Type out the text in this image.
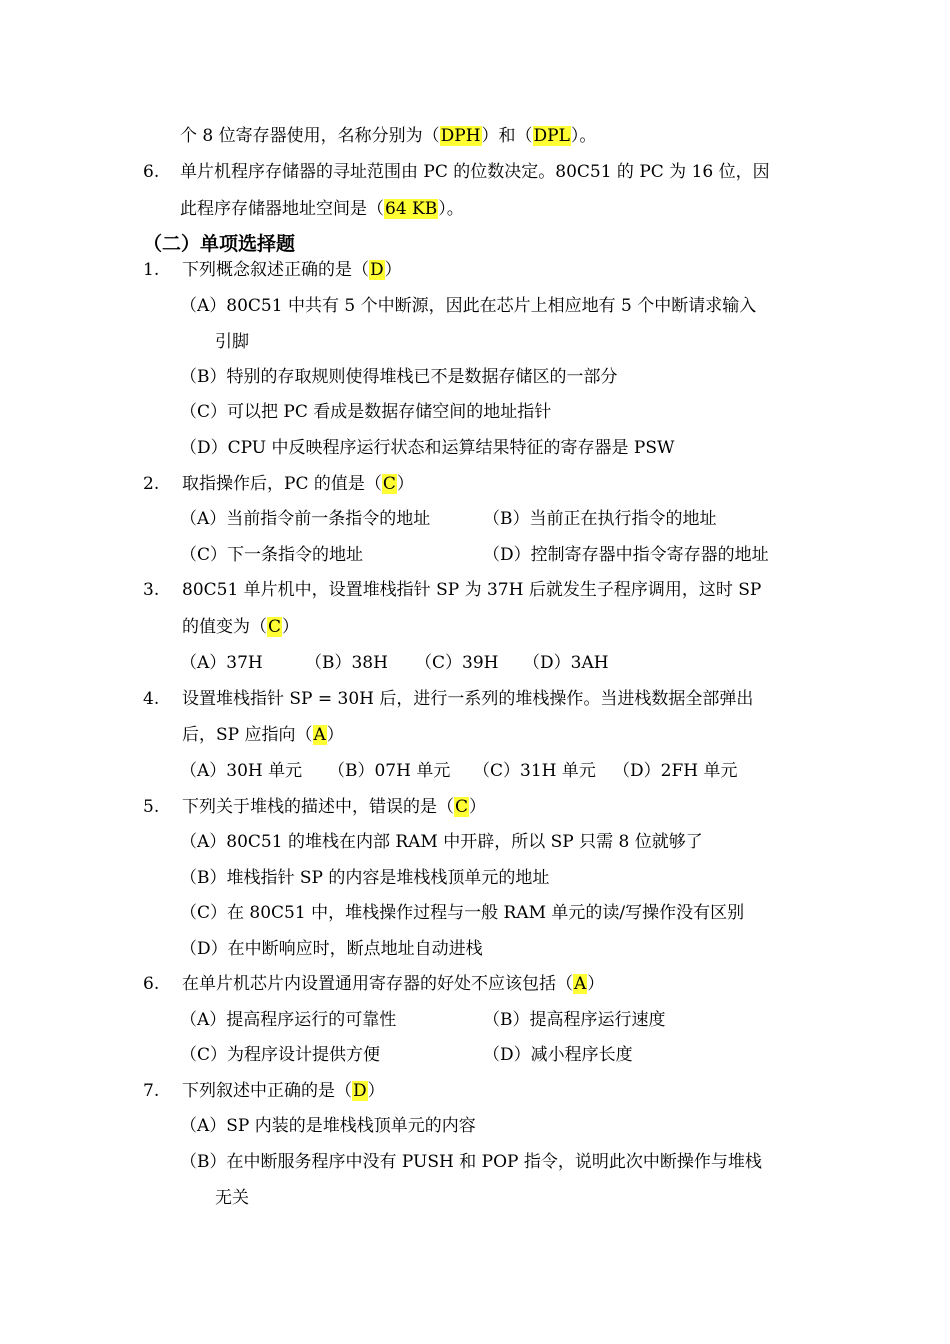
个 8 位寄存器使用，名称分别为（DPH）和（DPL）。
6. 单片机程序存储器的寻址范围由 PC 的位数决定。80C51 的 PC 为 16 位，因
此程序存储器地址空间是（64 KB）。
（二）单项选择题
1. 下列概念叙述正确的是（D）
（A）80C51 中共有 5 个中断源，因此在芯片上相应地有 5 个中断请求输入
引脚
（B）特别的存取规则使得堆栈已不是数据存储区的一部分
（C）可以把 PC 看成是数据存储空间的地址指针
（D）CPU 中反映程序运行状态和运算结果特征的寄存器是 PSW
2. 取指操作后，PC 的值是（C）
（A）当前指令前一条指令的地址	（B）当前正在执行指令的地址
（C）下一条指令的地址	（D）控制寄存器中指令寄存器的地址
3. 80C51 单片机中，设置堆栈指针 SP 为 37H 后就发生子程序调用，这时 SP
的值变为（C）
（A）37H （B）38H （C）39H （D）3AH
4. 设置堆栈指针 SP = 30H 后，进行一系列的堆栈操作。当进栈数据全部弹出
后，SP 应指向（A）
（A）30H 单元 （B）07H 单元 （C）31H 单元 （D）2FH 单元
5. 下列关于堆栈的描述中，错误的是（C）
（A）80C51 的堆栈在内部 RAM 中开辟，所以 SP 只需 8 位就够了
（B）堆栈指针 SP 的内容是堆栈栈顶单元的地址
（C）在 80C51 中，堆栈操作过程与一般 RAM 单元的读/写操作没有区别
（D）在中断响应时，断点地址自动进栈
6. 在单片机芯片内设置通用寄存器的好处不应该包括（A）
（A）提高程序运行的可靠性	（B）提高程序运行速度
（C）为程序设计提供方便	（D）减小程序长度
7. 下列叙述中正确的是（D）
（A）SP 内装的是堆栈栈顶单元的内容
（B）在中断服务程序中没有 PUSH 和 POP 指令，说明此次中断操作与堆栈
无关
